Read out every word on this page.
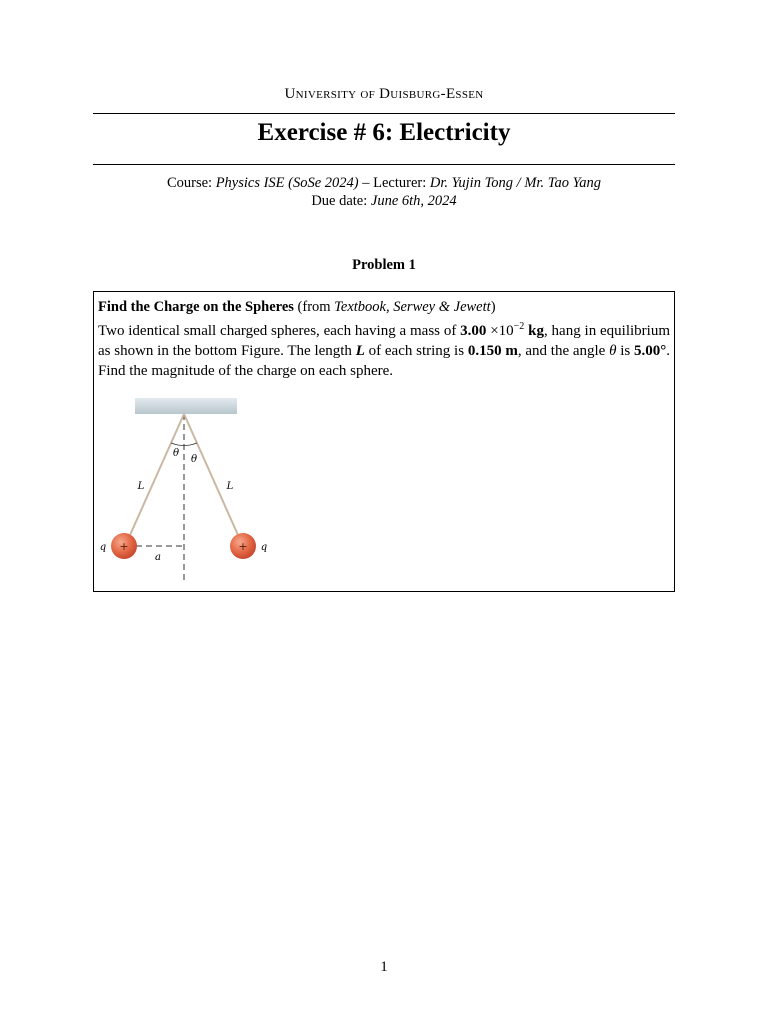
University of Duisburg-Essen
Exercise # 6: Electricity
Course: Physics ISE (SoSe 2024) – Lecturer: Dr. Yujin Tong / Mr. Tao Yang
Due date: June 6th, 2024
Problem 1
Find the Charge on the Spheres (from Textbook, Serwey & Jewett)
Two identical small charged spheres, each having a mass of $3.00 \times 10^{-2}$ kg, hang in equilibrium as shown in the bottom Figure. The length L of each string is 0.150 m, and the angle θ is 5.00°. Find the magnitude of the charge on each sphere.
+	+
θ
θ
L	L
q	q
a
1
